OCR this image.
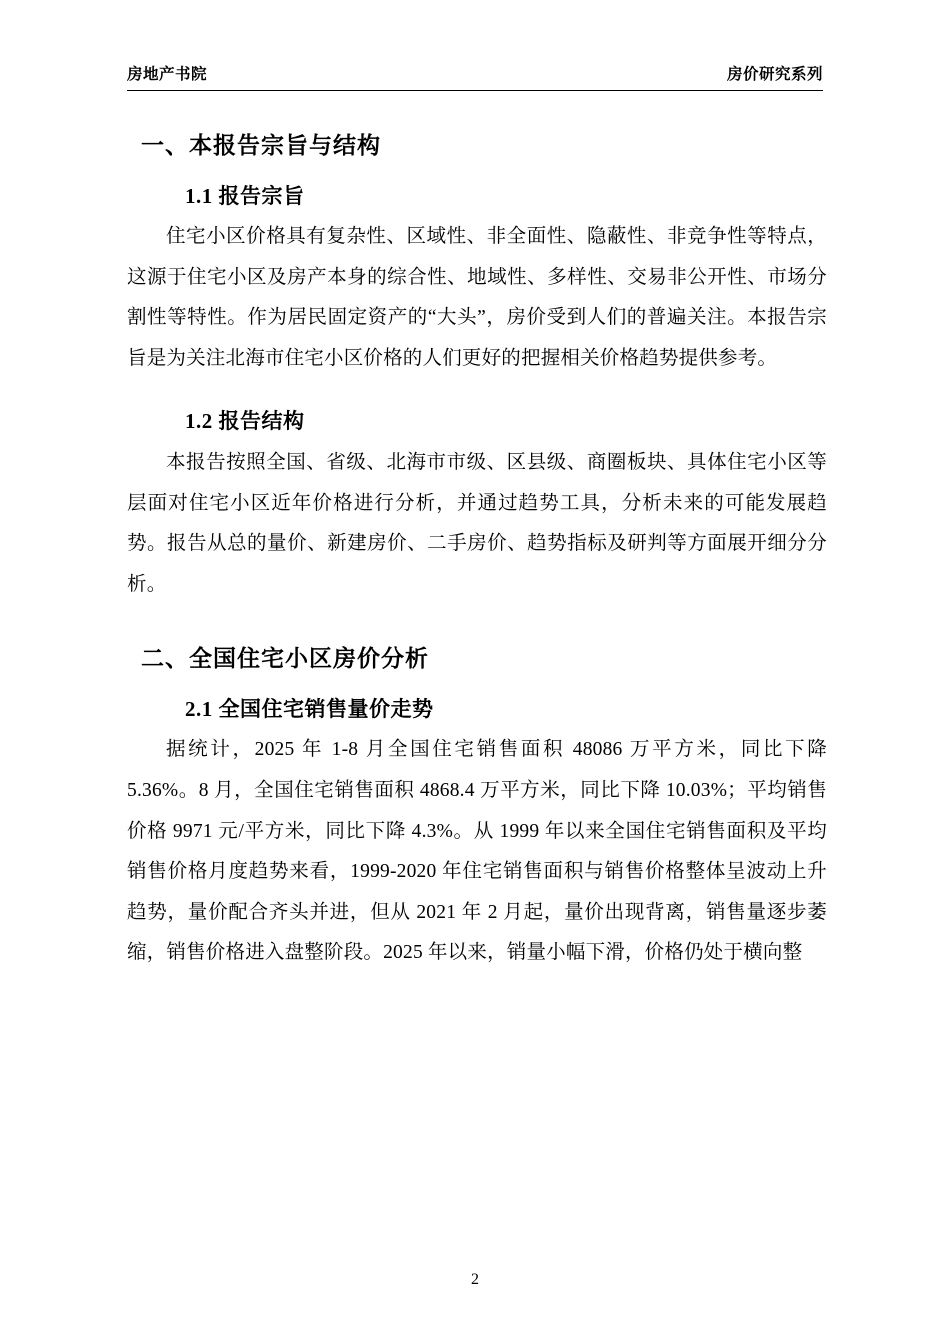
房地产书院	房价研究系列
一、本报告宗旨与结构
1.1 报告宗旨

住宅小区价格具有复杂性、区域性、非全面性、隐蔽性、非竞争性等特点，这源于住宅小区及房产本身的综合性、地域性、多样性、交易非公开性、市场分割性等特性。作为居民固定资产的“大头”，房价受到人们的普遍关注。本报告宗旨是为关注北海市住宅小区价格的人们更好的把握相关价格趋势提供参考。

1.2 报告结构

本报告按照全国、省级、北海市市级、区县级、商圈板块、具体住宅小区等层面对住宅小区近年价格进行分析，并通过趋势工具，分析未来的可能发展趋势。报告从总的量价、新建房价、二手房价、趋势指标及研判等方面展开细分分析。

二、全国住宅小区房价分析
2.1 全国住宅销售量价走势

据统计，2025 年 1-8 月全国住宅销售面积 48086 万平方米，同比下降 5.36%。8 月，全国住宅销售面积 4868.4 万平方米，同比下降 10.03%；平均销售价格 9971 元/平方米，同比下降 4.3%。从 1999 年以来全国住宅销售面积及平均销售价格月度趋势来看，1999-2020 年住宅销售面积与销售价格整体呈波动上升趋势，量价配合齐头并进，但从 2021 年 2 月起，量价出现背离，销售量逐步萎缩，销售价格进入盘整阶段。2025 年以来，销量小幅下滑，价格仍处于横向整

2
